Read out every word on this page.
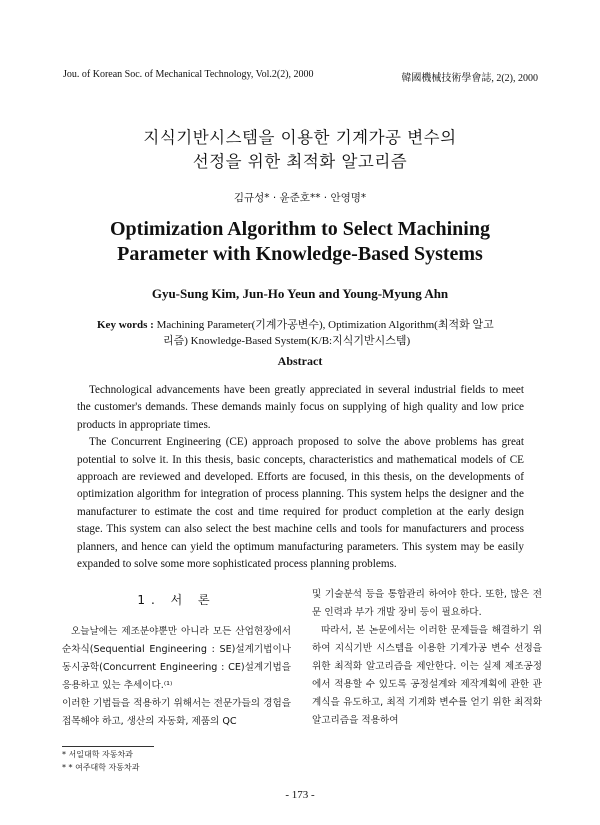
Jou. of Korean Soc. of Mechanical Technology, Vol.2(2), 2000	韓國機械技術學會誌, 2(2), 2000
지식기반시스템을 이용한 기계가공 변수의
선정을 위한 최적화 알고리즘
김규성* · 윤준호** · 안영명*
Optimization Algorithm to Select Machining
Parameter with Knowledge-Based Systems
Gyu-Sung Kim, Jun-Ho Yeun and Young-Myung Ahn
Key words : Machining Parameter(기계가공변수), Optimization Algorithm(최적화 알고
리즘) Knowledge-Based System(K/B:지식기반시스템)
Abstract

Technological advancements have been greatly appreciated in several industrial fields to meet the customer's demands. These demands mainly focus on supplying of high quality and low price products in appropriate times.

The Concurrent Engineering (CE) approach proposed to solve the above problems has great potential to solve it. In this thesis, basic concepts, characteristics and mathematical models of CE approach are reviewed and developed. Efforts are focused, in this thesis, on the developments of optimization algorithm for integration of process planning. This system helps the designer and the manufacturer to estimate the cost and time required for product completion at the early design stage. This system can also select the best machine cells and tools for manufacturers and process planners, and hence can yield the optimum manufacturing parameters. This system may be easily expanded to solve some more sophisticated process planning problems.

1. 서 론

오늘날에는 제조분야뿐만 아니라 모든 산업현장에서 순차식(Sequential Engineering : SE)설계기법이나 동시공학(Concurrent Engineering : CE)설계기법을 응용하고 있는 추세이다.⁽¹⁾

이러한 기법들을 적용하기 위해서는 전문가들의 경험을 접목해야 하고, 생산의 자동화, 제품의 QC

및 기술분석 등을 통합관리 하여야 한다. 또한, 많은 전문 인력과 부가 개발 장비 등이 필요하다.

따라서, 본 논문에서는 이러한 문제들을 해결하기 위하여 지식기반 시스템을 이용한 기계가공 변수 선정을 위한 최적화 알고리즘을 제안한다. 이는 실제 제조공정에서 적용할 수 있도록 공정설계와 제작계획에 관한 관계식을 유도하고, 최적 기계화 변수를 얻기 위한 최적화 알고리즘을 적용하여

* 서일대학 자동차과
* * 여주대학 자동차과
- 173 -
